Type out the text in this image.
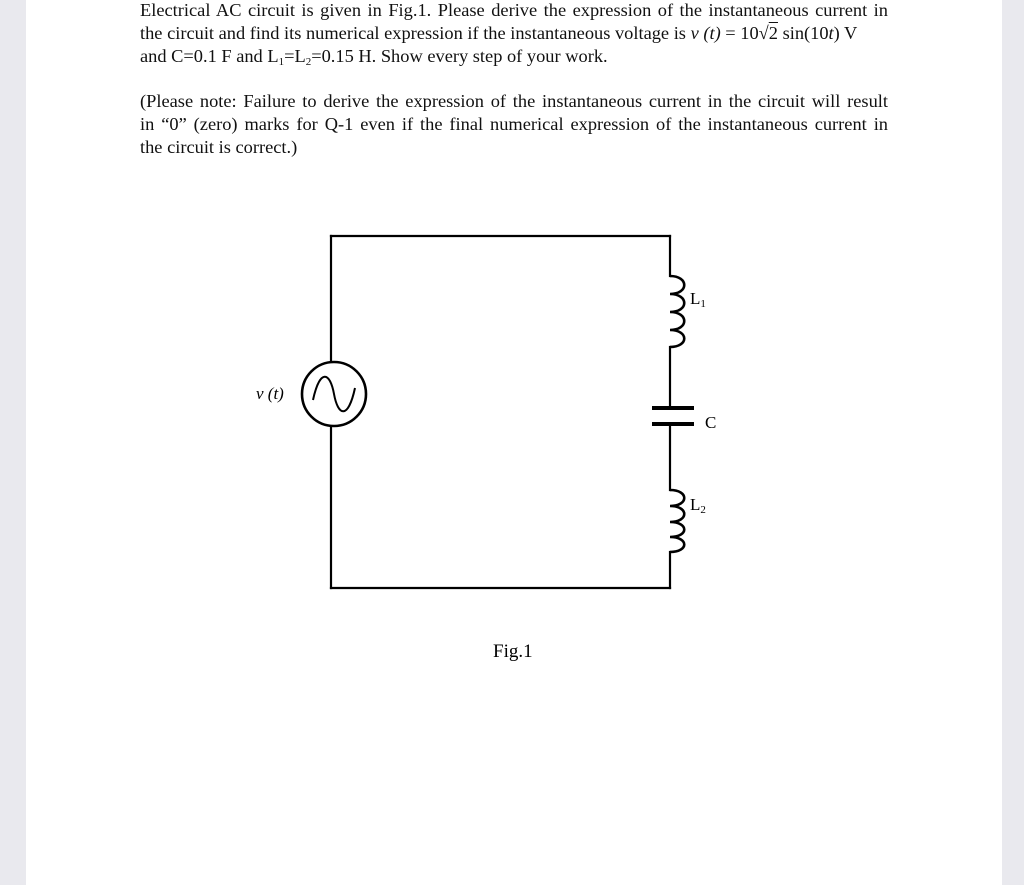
Electrical AC circuit is given in Fig.1. Please derive the expression of the instantaneous current in
the circuit and find its numerical expression if the instantaneous voltage is v (t) = 10√2 sin(10t) V
and C=0.1 F and $L_1=L_2=0.15$ H. Show every step of your work.
(Please note: Failure to derive the expression of the instantaneous current in the circuit will result
in “0” (zero) marks for Q-1 even if the final numerical expression of the instantaneous current in
the circuit is correct.)
v (t)
L1
C
L2
Fig.1
